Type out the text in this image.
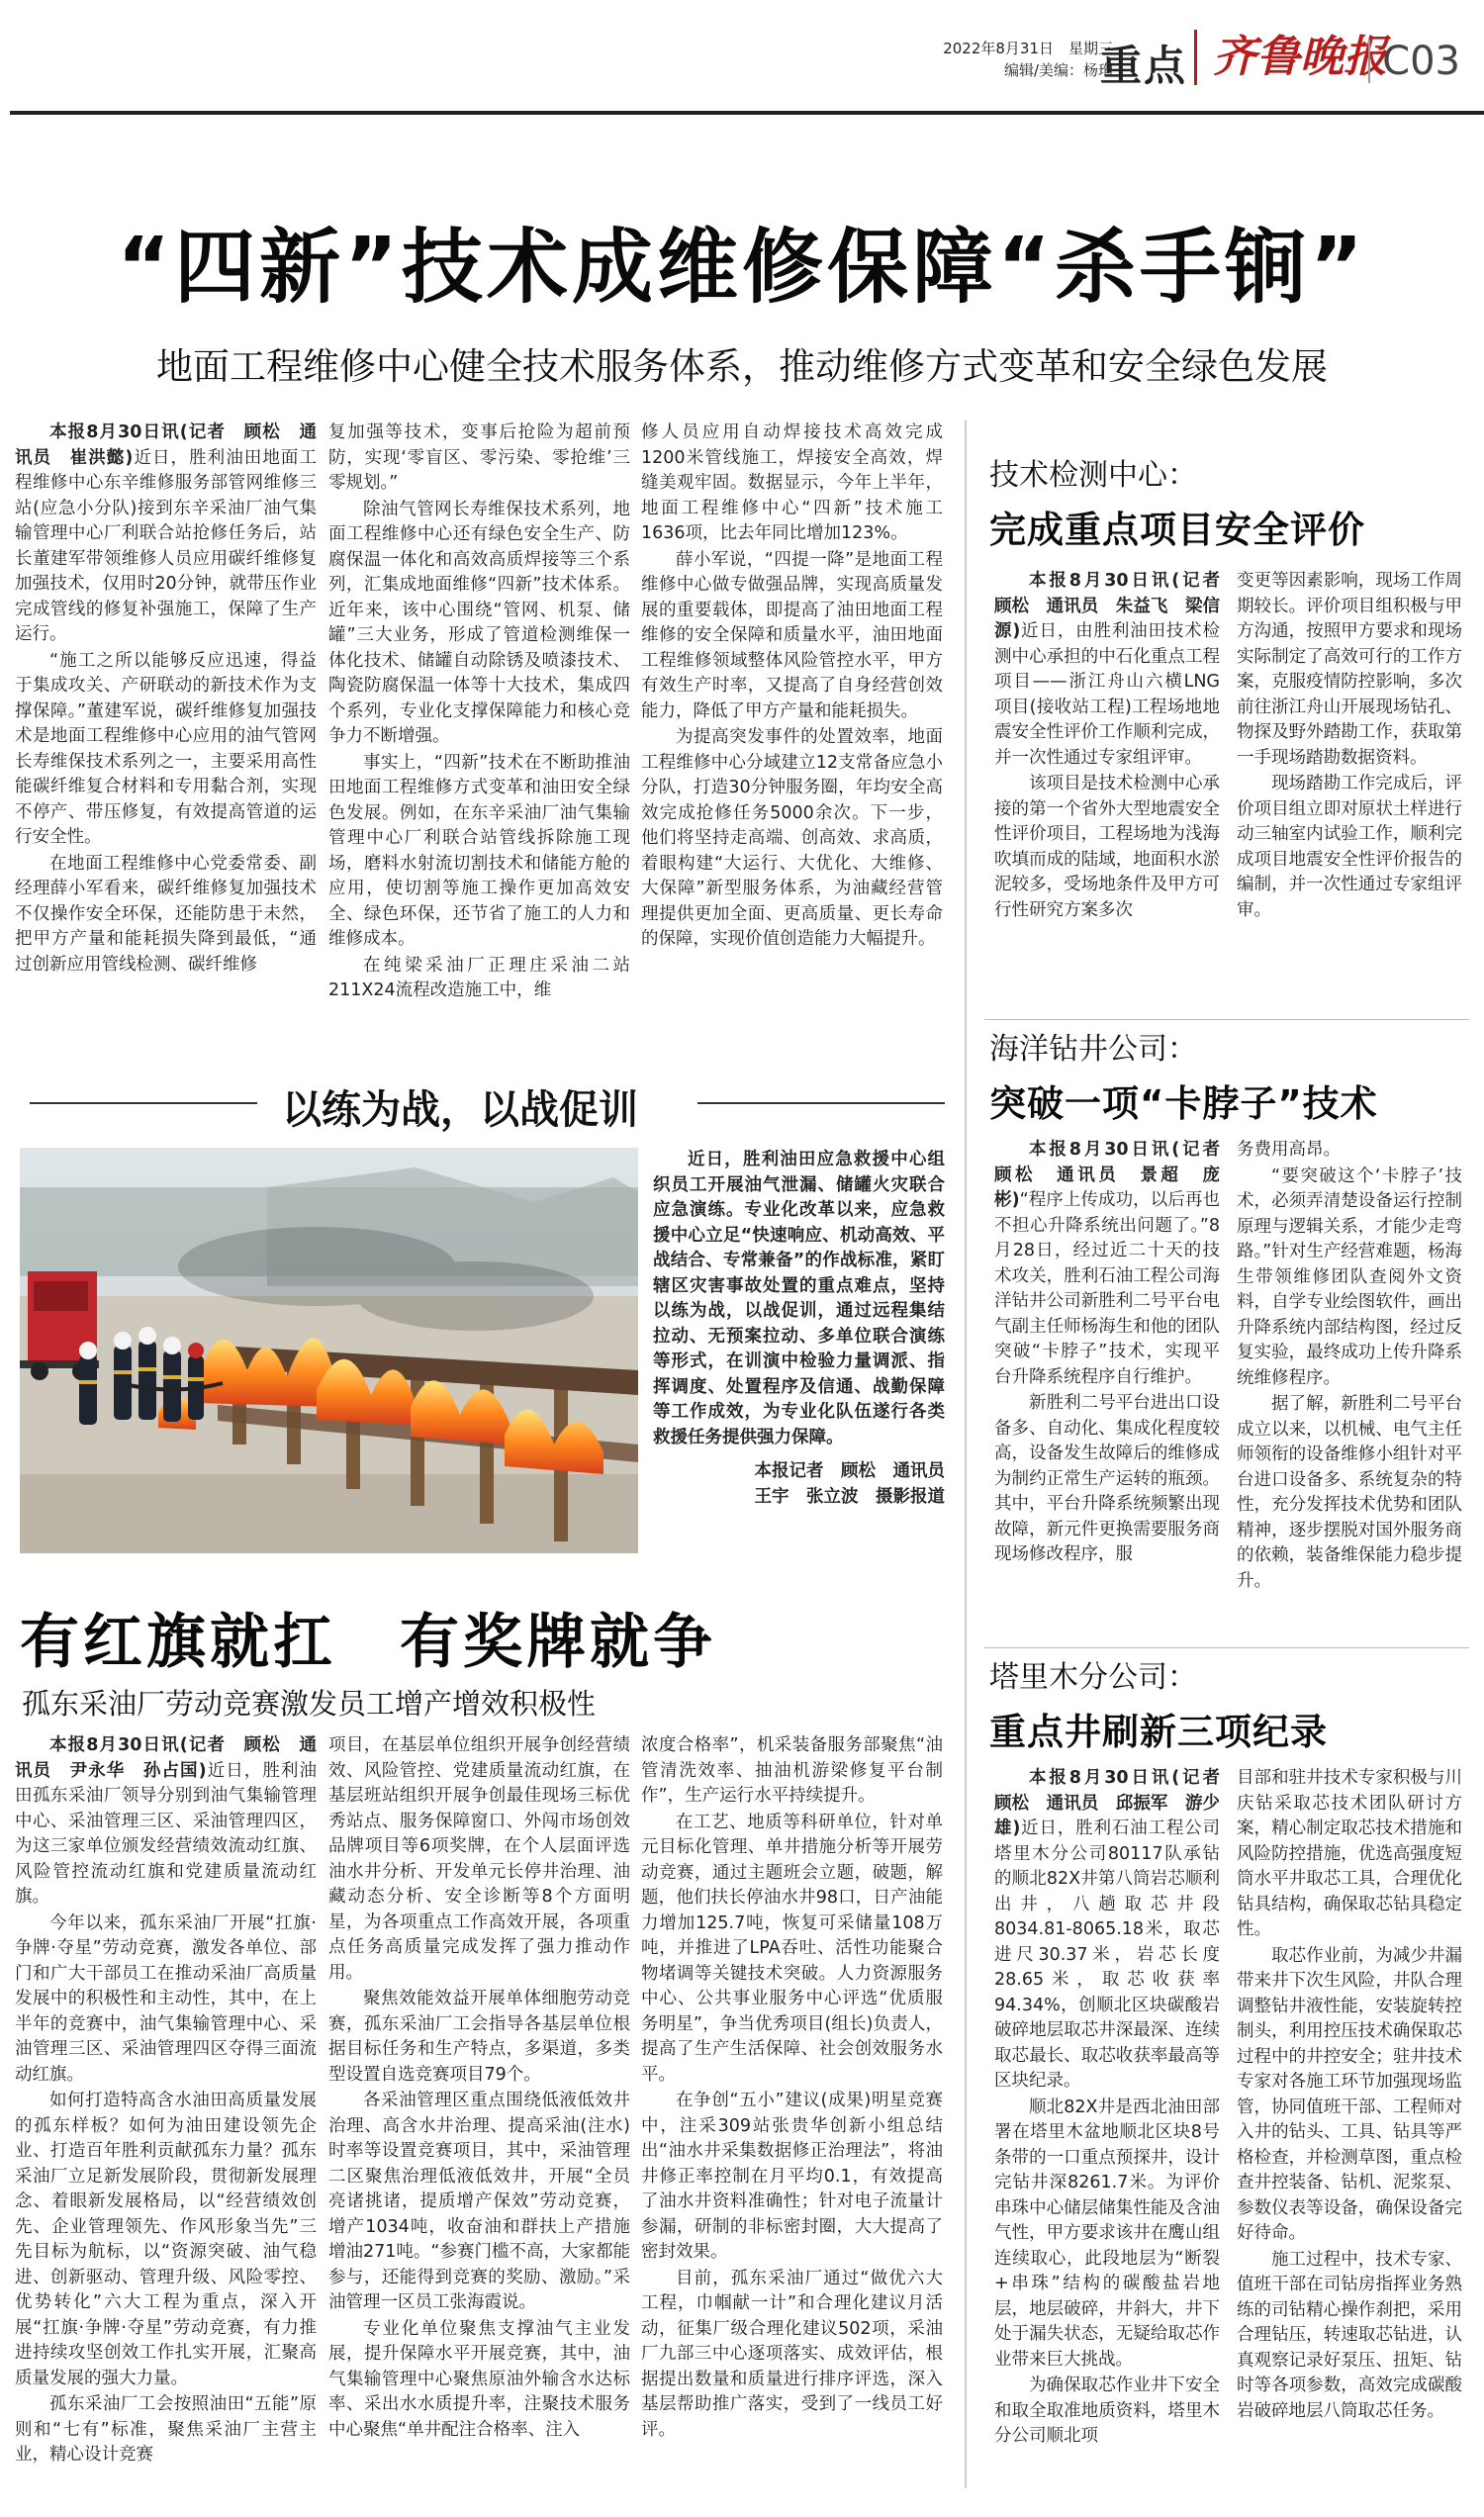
2022年8月31日　星期三
编辑/美编：杨珣
重点 齐鲁晚报
C03
“四新”技术成维修保障“杀手锏”
地面工程维修中心健全技术服务体系，推动维修方式变革和安全绿色发展

本报8月30日讯(记者　顾松　通讯员　崔洪懿)近日，胜利油田地面工程维修中心东辛维修服务部管网维修三站(应急小分队)接到东辛采油厂油气集输管理中心厂利联合站抢修任务后，站长董建军带领维修人员应用碳纤维修复加强技术，仅用时20分钟，就带压作业完成管线的修复补强施工，保障了生产运行。

“施工之所以能够反应迅速，得益于集成攻关、产研联动的新技术作为支撑保障。”董建军说，碳纤维修复加强技术是地面工程维修中心应用的油气管网长寿维保技术系列之一，主要采用高性能碳纤维复合材料和专用黏合剂，实现不停产、带压修复，有效提高管道的运行安全性。

在地面工程维修中心党委常委、副经理薛小军看来，碳纤维修复加强技术不仅操作安全环保，还能防患于未然，把甲方产量和能耗损失降到最低，“通过创新应用管线检测、碳纤维修

复加强等技术，变事后抢险为超前预防，实现‘零盲区、零污染、零抢维’三零规划。”

除油气管网长寿维保技术系列，地面工程维修中心还有绿色安全生产、防腐保温一体化和高效高质焊接等三个系列，汇集成地面维修“四新”技术体系。近年来，该中心围绕“管网、机泵、储罐”三大业务，形成了管道检测维保一体化技术、储罐自动除锈及喷漆技术、陶瓷防腐保温一体等十大技术，集成四个系列，专业化支撑保障能力和核心竞争力不断增强。

事实上，“四新”技术在不断助推油田地面工程维修方式变革和油田安全绿色发展。例如，在东辛采油厂油气集输管理中心厂利联合站管线拆除施工现场，磨料水射流切割技术和储能方舱的应用，使切割等施工操作更加高效安全、绿色环保，还节省了施工的人力和维修成本。

在纯梁采油厂正理庄采油二站211X24流程改造施工中，维

修人员应用自动焊接技术高效完成1200米管线施工，焊接安全高效，焊缝美观牢固。数据显示，今年上半年，地面工程维修中心“四新”技术施工1636项，比去年同比增加123%。

薛小军说，“四提一降”是地面工程维修中心做专做强品牌，实现高质量发展的重要载体，即提高了油田地面工程维修的安全保障和质量水平，油田地面工程维修领域整体风险管控水平，甲方有效生产时率，又提高了自身经营创效能力，降低了甲方产量和能耗损失。

为提高突发事件的处置效率，地面工程维修中心分域建立12支常备应急小分队，打造30分钟服务圈，年均安全高效完成抢修任务5000余次。下一步，他们将坚持走高端、创高效、求高质，着眼构建“大运行、大优化、大维修、大保障”新型服务体系，为油藏经营管理提供更加全面、更高质量、更长寿命的保障，实现价值创造能力大幅提升。

以练为战，以战促训

近日，胜利油田应急救援中心组织员工开展油气泄漏、储罐火灾联合应急演练。专业化改革以来，应急救援中心立足“快速响应、机动高效、平战结合、专常兼备”的作战标准，紧盯辖区灾害事故处置的重点难点，坚持以练为战，以战促训，通过远程集结拉动、无预案拉动、多单位联合演练等形式，在训演中检验力量调派、指挥调度、处置程序及信通、战勤保障等工作成效，为专业化队伍遂行各类救援任务提供强力保障。

本报记者　顾松　通讯员
王宇　张立波　摄影报道
有红旗就扛　有奖牌就争
孤东采油厂劳动竞赛激发员工增产增效积极性

本报8月30日讯(记者　顾松　通讯员　尹永华　孙占国)近日，胜利油田孤东采油厂领导分别到油气集输管理中心、采油管理三区、采油管理四区，为这三家单位颁发经营绩效流动红旗、风险管控流动红旗和党建质量流动红旗。

今年以来，孤东采油厂开展“扛旗·争牌·夺星”劳动竞赛，激发各单位、部门和广大干部员工在推动采油厂高质量发展中的积极性和主动性，其中，在上半年的竞赛中，油气集输管理中心、采油管理三区、采油管理四区夺得三面流动红旗。

如何打造特高含水油田高质量发展的孤东样板？如何为油田建设领先企业、打造百年胜利贡献孤东力量？孤东采油厂立足新发展阶段，贯彻新发展理念、着眼新发展格局，以“经营绩效创先、企业管理领先、作风形象当先”三先目标为航标，以“资源突破、油气稳进、创新驱动、管理升级、风险零控、优势转化”六大工程为重点，深入开展“扛旗·争牌·夺星”劳动竞赛，有力推进持续攻坚创效工作扎实开展，汇聚高质量发展的强大力量。

孤东采油厂工会按照油田“五能”原则和“七有”标准，聚焦采油厂主营主业，精心设计竞赛

项目，在基层单位组织开展争创经营绩效、风险管控、党建质量流动红旗，在基层班站组织开展争创最佳现场三标优秀站点、服务保障窗口、外闯市场创效品牌项目等6项奖牌，在个人层面评选油水井分析、开发单元长停井治理、油藏动态分析、安全诊断等8个方面明星，为各项重点工作高效开展，各项重点任务高质量完成发挥了强力推动作用。

聚焦效能效益开展单体细胞劳动竞赛，孤东采油厂工会指导各基层单位根据目标任务和生产特点，多渠道，多类型设置自选竞赛项目79个。

各采油管理区重点围绕低液低效井治理、高含水井治理、提高采油(注水)时率等设置竞赛项目，其中，采油管理二区聚焦治理低液低效井，开展“全员亮诸挑诸，提质增产保效”劳动竞赛，增产1034吨，收奋油和群扶上产措施增油271吨。“参赛门槛不高，大家都能参与，还能得到竞赛的奖励、激励。”采油管理一区员工张海霞说。

专业化单位聚焦支撑油气主业发展，提升保障水平开展竞赛，其中，油气集输管理中心聚焦原油外输含水达标率、采出水水质提升率，注聚技术服务中心聚焦“单井配注合格率、注入

浓度合格率”，机采装备服务部聚焦“油管清洗效率、抽油机游梁修复平台制作”，生产运行水平持续提升。

在工艺、地质等科研单位，针对单元目标化管理、单井措施分析等开展劳动竞赛，通过主题班会立题，破题，解题，他们扶长停油水井98口，日产油能力增加125.7吨，恢复可采储量108万吨，并推进了LPA吞吐、活性功能聚合物堵调等关键技术突破。人力资源服务中心、公共事业服务中心评选“优质服务明星”，争当优秀项目(组长)负责人，提高了生产生活保障、社会创效服务水平。

在争创“五小”建议(成果)明星竞赛中，注采309站张贵华创新小组总结出“油水井采集数据修正治理法”，将油井修正率控制在月平均0.1，有效提高了油水井资料准确性；针对电子流量计参漏，研制的非标密封圈，大大提高了密封效果。

目前，孤东采油厂通过“做优六大工程，巾帼献一计”和合理化建议月活动，征集厂级合理化建议502项，采油厂九部三中心逐项落实、成效评估，根据提出数量和质量进行排序评选，深入基层帮助推广落实，受到了一线员工好评。

技术检测中心：
完成重点项目安全评价

本报8月30日讯(记者　顾松　通讯员　朱益飞　梁信源)近日，由胜利油田技术检测中心承担的中石化重点工程项目——浙江舟山六横LNG项目(接收站工程)工程场地地震安全性评价工作顺利完成，并一次性通过专家组评审。

该项目是技术检测中心承接的第一个省外大型地震安全性评价项目，工程场地为浅海吹填而成的陆域，地面积水淤泥较多，受场地条件及甲方可行性研究方案多次

变更等因素影响，现场工作周期较长。评价项目组积极与甲方沟通，按照甲方要求和现场实际制定了高效可行的工作方案，克服疫情防控影响，多次前往浙江舟山开展现场钻孔、物探及野外踏勘工作，获取第一手现场踏勘数据资料。

现场踏勘工作完成后，评价项目组立即对原状土样进行动三轴室内试验工作，顺利完成项目地震安全性评价报告的编制，并一次性通过专家组评审。

海洋钻井公司：
突破一项“卡脖子”技术

本报8月30日讯(记者　顾松　通讯员　景超　庞彬)“程序上传成功，以后再也不担心升降系统出问题了。”8月28日，经过近二十天的技术攻关，胜利石油工程公司海洋钻井公司新胜利二号平台电气副主任师杨海生和他的团队突破“卡脖子”技术，实现平台升降系统程序自行维护。

新胜利二号平台进出口设备多、自动化、集成化程度较高，设备发生故障后的维修成为制约正常生产运转的瓶颈。其中，平台升降系统频繁出现故障，新元件更换需要服务商现场修改程序，服

务费用高昂。

“要突破这个‘卡脖子’技术，必须弄清楚设备运行控制原理与逻辑关系，才能少走弯路。”针对生产经营难题，杨海生带领维修团队查阅外文资料，自学专业绘图软件，画出升降系统内部结构图，经过反复实验，最终成功上传升降系统维修程序。

据了解，新胜利二号平台成立以来，以机械、电气主任师领衔的设备维修小组针对平台进口设备多、系统复杂的特性，充分发挥技术优势和团队精神，逐步摆脱对国外服务商的依赖，装备维保能力稳步提升。

塔里木分公司：
重点井刷新三项纪录

本报8月30日讯(记者　顾松　通讯员　邱振军　游少雄)近日，胜利石油工程公司塔里木分公司80117队承钻的顺北82X井第八筒岩芯顺利出井，八趟取芯井段8034.81-8065.18米，取芯进尺30.37米，岩芯长度28.65米，取芯收获率94.34%，创顺北区块碳酸岩破碎地层取芯井深最深、连续取芯最长、取芯收获率最高等区块纪录。

顺北82X井是西北油田部署在塔里木盆地顺北区块8号条带的一口重点预探井，设计完钻井深8261.7米。为评价串珠中心储层储集性能及含油气性，甲方要求该井在鹰山组连续取心，此段地层为“断裂+串珠”结构的碳酸盐岩地层，地层破碎，井斜大，井下处于漏失状态，无疑给取芯作业带来巨大挑战。

为确保取芯作业井下安全和取全取准地质资料，塔里木分公司顺北项

目部和驻井技术专家积极与川庆钻采取芯技术团队研讨方案，精心制定取芯技术措施和风险防控措施，优选高强度短筒水平井取芯工具，合理优化钻具结构，确保取芯钻具稳定性。

取芯作业前，为减少井漏带来井下次生风险，井队合理调整钻井液性能，安装旋转控制头，利用控压技术确保取芯过程中的井控安全；驻井技术专家对各施工环节加强现场监管，协同值班干部、工程师对入井的钻头、工具、钻具等严格检查，并检测草图，重点检查井控装备、钻机、泥浆泵、参数仪表等设备，确保设备完好待命。

施工过程中，技术专家、值班干部在司钻房指挥业务熟练的司钻精心操作刹把，采用合理钻压，转速取芯钻进，认真观察记录好泵压、扭矩、钻时等各项参数，高效完成碳酸岩破碎地层八筒取芯任务。
